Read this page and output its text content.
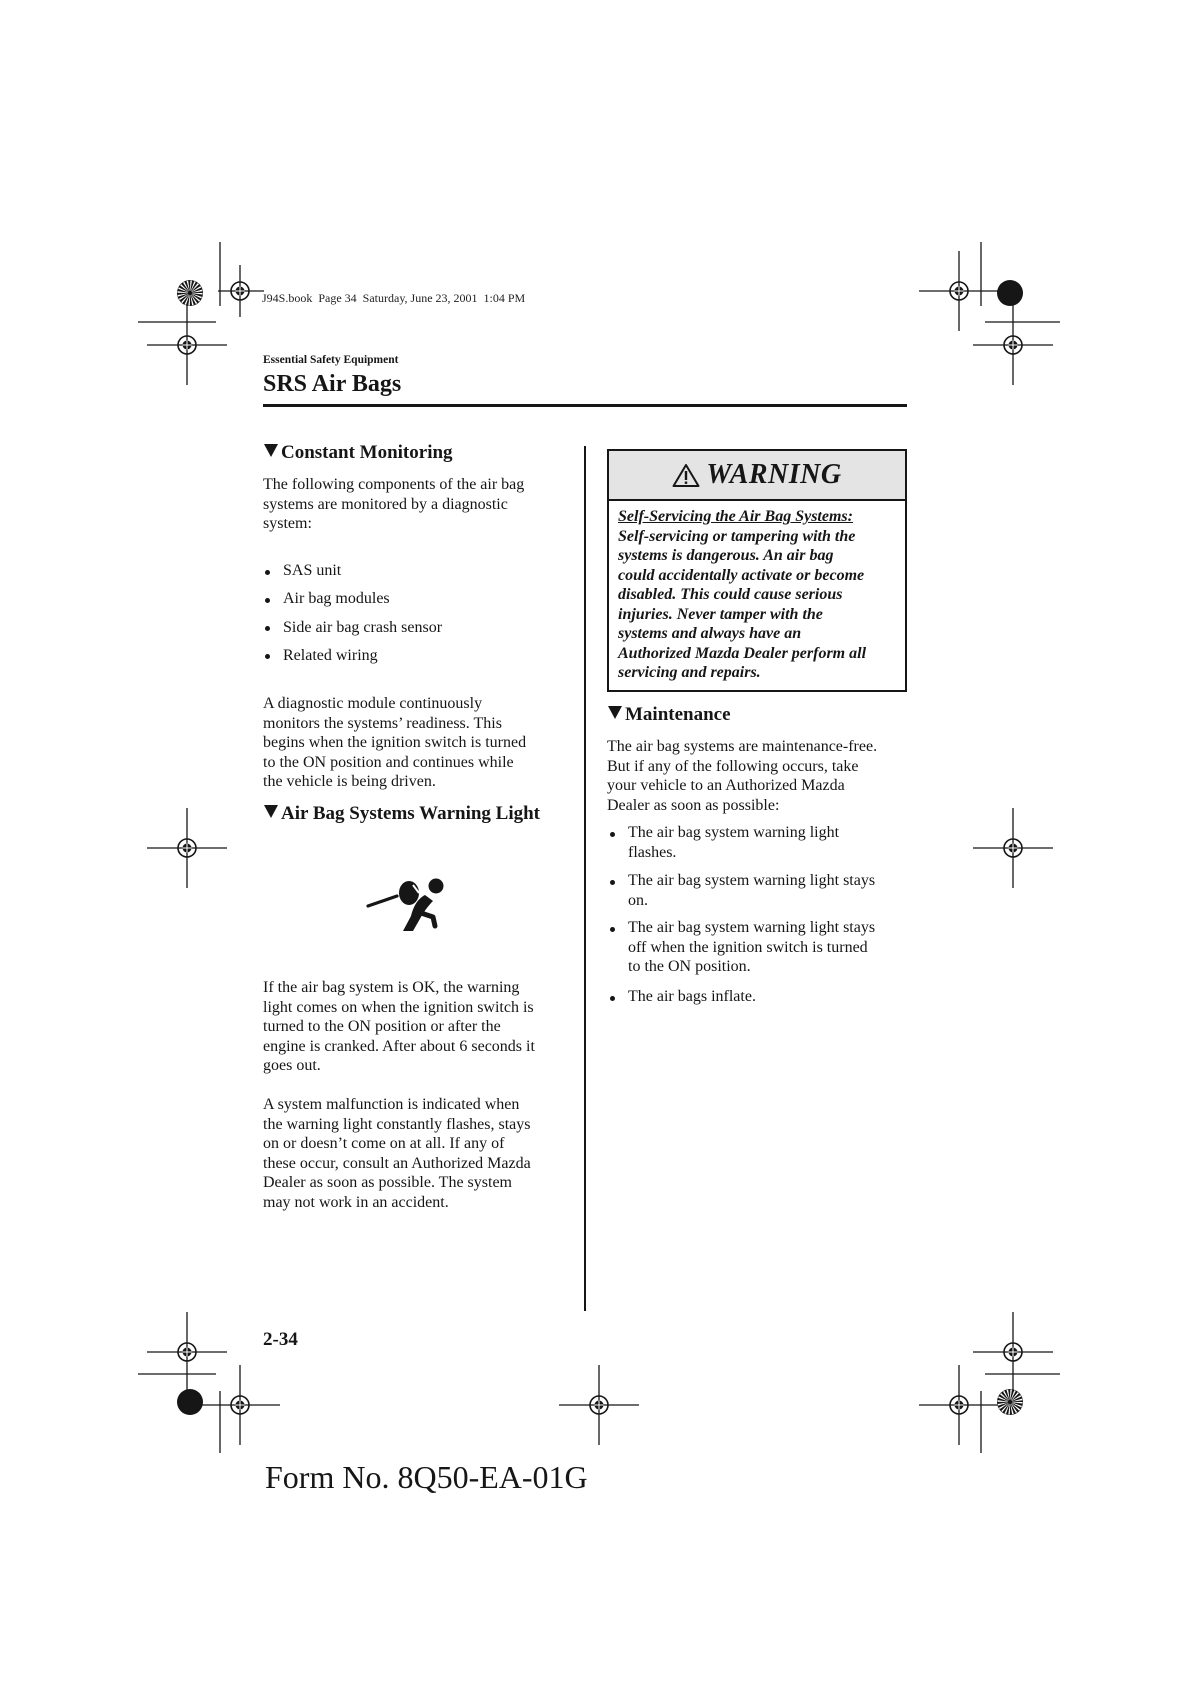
J94S.book  Page 34  Saturday, June 23, 2001  1:04 PM
Essential Safety Equipment
SRS Air Bags
Constant Monitoring
The following components of the air bag
systems are monitored by a diagnostic
system:
SAS unit
Air bag modules
Side air bag crash sensor
Related wiring
A diagnostic module continuously
monitors the systems’ readiness. This
begins when the ignition switch is turned
to the ON position and continues while
the vehicle is being driven.
Air Bag Systems Warning Light
If the air bag system is OK, the warning
light comes on when the ignition switch is
turned to the ON position or after the
engine is cranked. After about 6 seconds it
goes out.
A system malfunction is indicated when
the warning light constantly flashes, stays
on or doesn’t come on at all. If any of
these occur, consult an Authorized Mazda
Dealer as soon as possible. The system
may not work in an accident.
WARNING
Self-Servicing the Air Bag Systems:
Self-servicing or tampering with the
systems is dangerous. An air bag
could accidentally activate or become
disabled. This could cause serious
injuries. Never tamper with the
systems and always have an
Authorized Mazda Dealer perform all
servicing and repairs.
Maintenance
The air bag systems are maintenance-free.
But if any of the following occurs, take
your vehicle to an Authorized Mazda
Dealer as soon as possible:
The air bag system warning light
flashes.
The air bag system warning light stays
on.
The air bag system warning light stays
off when the ignition switch is turned
to the ON position.
The air bags inflate.
2-34
Form No. 8Q50-EA-01G
